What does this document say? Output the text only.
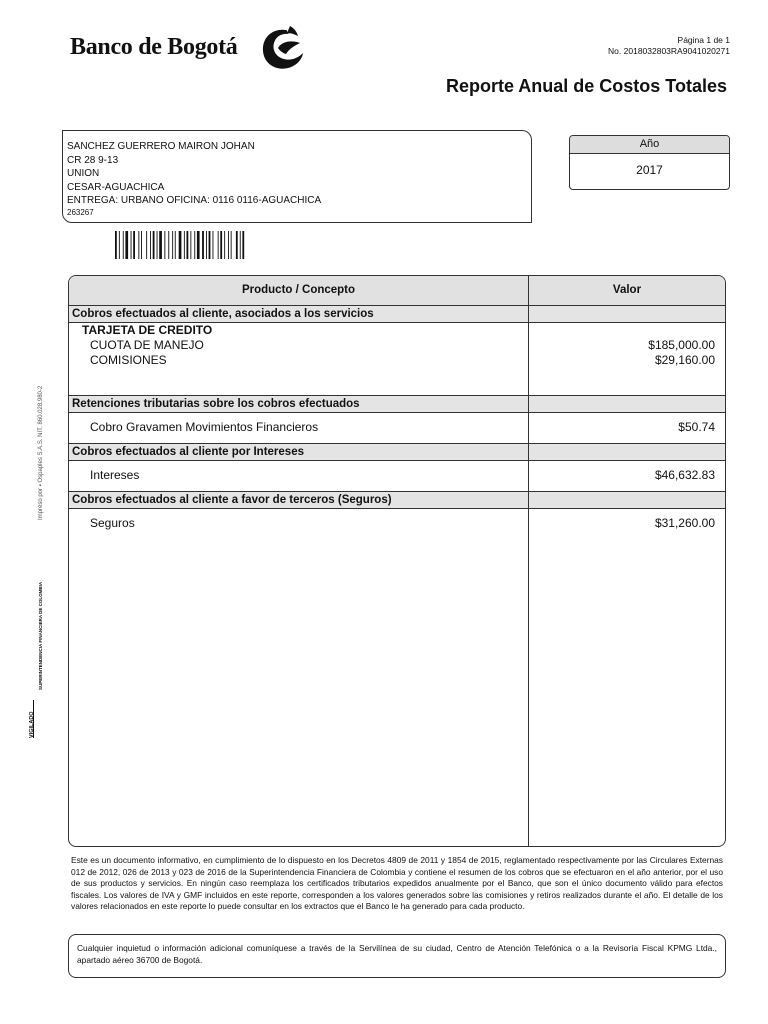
Banco de Bogotá	Página 1 de 1
No. 2018032803RA9041020271
Reporte Anual de Costos Totales
SANCHEZ GUERRERO MAIRON JOHAN
CR 28 9-13
UNION
CESAR-AGUACHICA
ENTREGA: URBANO OFICINA: 0116 0116-AGUACHICA
263267
Año
2017
Producto / Concepto	Valor
Cobros efectuados al cliente, asociados a los servicios
TARJETA DE CREDITO
CUOTA DE MANEJO	$185,000.00
COMISIONES	$29,160.00
Retenciones tributarias sobre los cobros efectuados
Cobro Gravamen Movimientos Financieros	$50.74
Cobros efectuados al cliente por Intereses
Intereses	$46,632.83
Cobros efectuados al cliente a favor de terceros (Seguros)
Seguros	$31,260.00
Este es un documento informativo, en cumplimiento de lo dispuesto en los Decretos 4809 de 2011 y 1854 de 2015, reglamentado respectivamente por las Circulares Externas 012 de 2012, 026 de 2013 y 023 de 2016 de la Superintendencia Financiera de Colombia y contiene el resumen de los cobros que se efectuaron en el año anterior, por el uso de sus productos y servicios. En ningún caso reemplaza los certificados tributarios expedidos anualmente por el Banco, que son el único documento válido para efectos fiscales. Los valores de IVA y GMF incluidos en este reporte, corresponden a los valores generados sobre las comisiones y retiros realizados durante el año. El detalle de los valores relacionados en este reporte lo puede consultar en los extractos que el Banco le ha generado para cada producto.
Cualquier inquietud o información adicional comuníquese a través de la Servilínea de su ciudad, Centro de Atención Telefónica o a la Revisoría Fiscal KPMG Ltda., apartado aéreo 36700 de Bogotá.
Impreso por ▪ Ospaples S.A.S. NIT. 860.028.980-2
VIGILADO
SUPERINTENDENCIA FINANCIERA DE COLOMBIA
